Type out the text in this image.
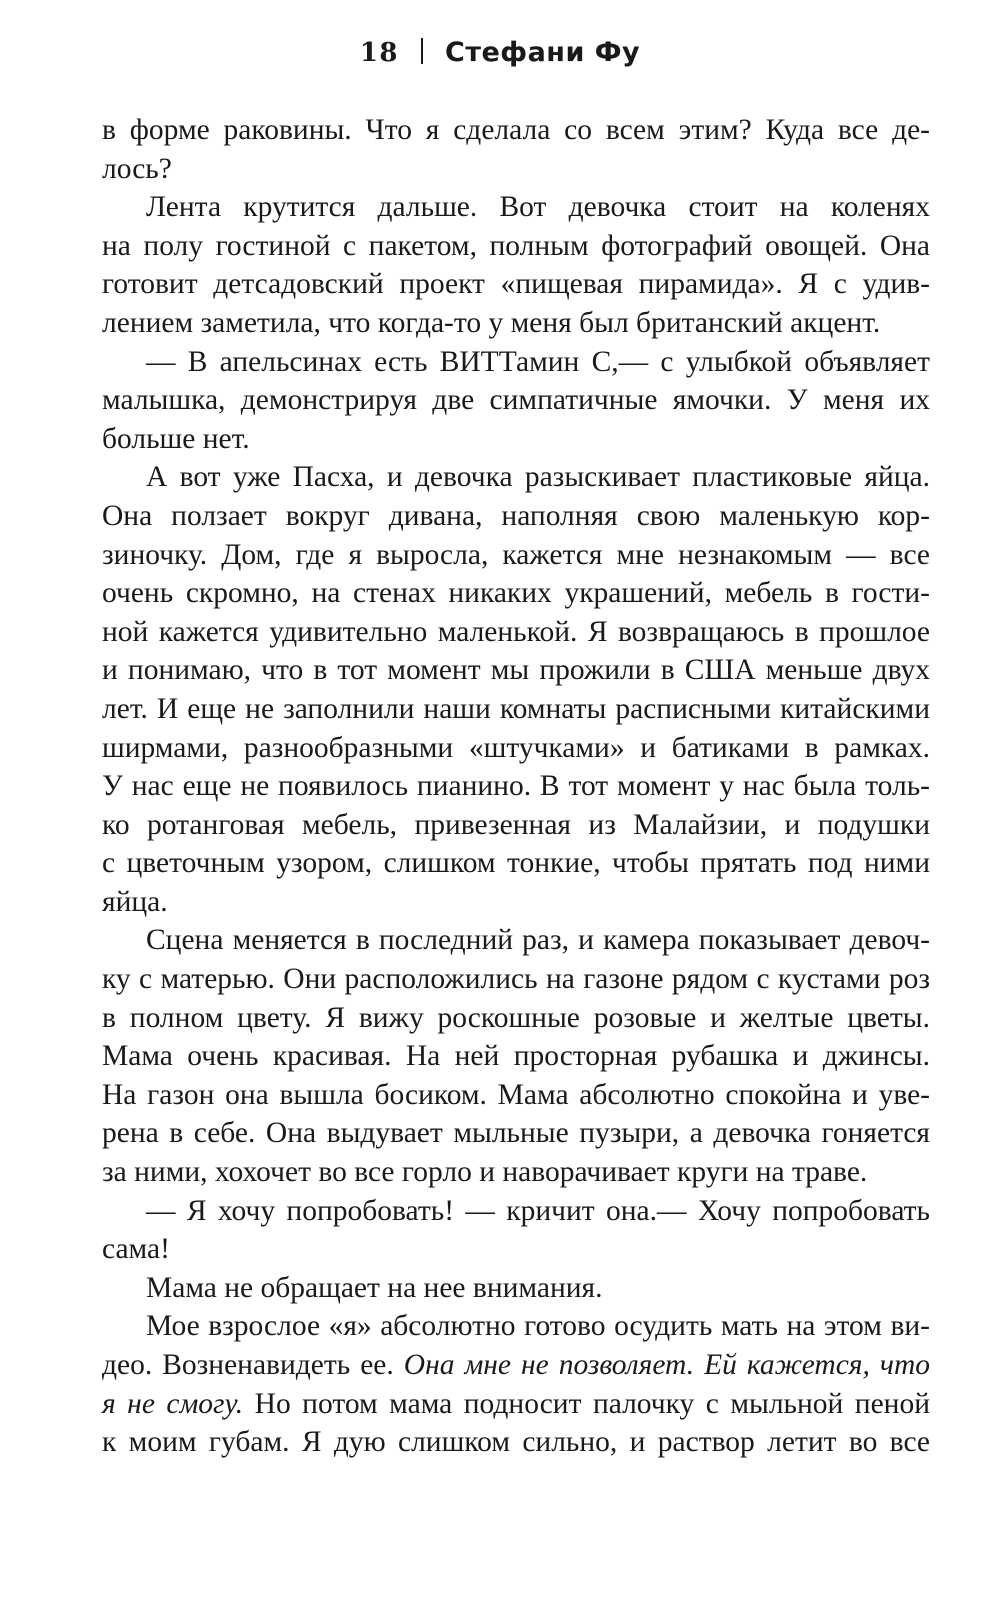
18 Стефани Фу

в форме раковины. Что я сделала со всем этим? Куда все де-
лось?

Лента крутится дальше. Вот девочка стоит на коленях
на полу гостиной с пакетом, полным фотографий овощей. Она
готовит детсадовский проект «пищевая пирамида». Я с удив-
лением заметила, что когда-то у меня был британский акцент.

— В апельсинах есть ВИТТамин С,— с улыбкой объявляет
малышка, демонстрируя две симпатичные ямочки. У меня их
больше нет.

А вот уже Пасха, и девочка разыскивает пластиковые яйца.
Она ползает вокруг дивана, наполняя свою маленькую кор-
зиночку. Дом, где я выросла, кажется мне незнакомым — все
очень скромно, на стенах никаких украшений, мебель в гости-
ной кажется удивительно маленькой. Я возвращаюсь в прошлое
и понимаю, что в тот момент мы прожили в США меньше двух
лет. И еще не заполнили наши комнаты расписными китайскими
ширмами, разнообразными «штучками» и батиками в рамках.
У нас еще не появилось пианино. В тот момент у нас была толь-
ко ротанговая мебель, привезенная из Малайзии, и подушки
с цветочным узором, слишком тонкие, чтобы прятать под ними
яйца.

Сцена меняется в последний раз, и камера показывает девоч-
ку с матерью. Они расположились на газоне рядом с кустами роз
в полном цвету. Я вижу роскошные розовые и желтые цветы.
Мама очень красивая. На ней просторная рубашка и джинсы.
На газон она вышла босиком. Мама абсолютно спокойна и уве-
рена в себе. Она выдувает мыльные пузыри, а девочка гоняется
за ними, хохочет во все горло и наворачивает круги на траве.

— Я хочу попробовать! — кричит она.— Хочу попробовать
сама!

Мама не обращает на нее внимания.

Мое взрослое «я» абсолютно готово осудить мать на этом ви-
део. Возненавидеть ее. Она мне не позволяет. Ей кажется, что
я не смогу. Но потом мама подносит палочку с мыльной пеной
к моим губам. Я дую слишком сильно, и раствор летит во все
